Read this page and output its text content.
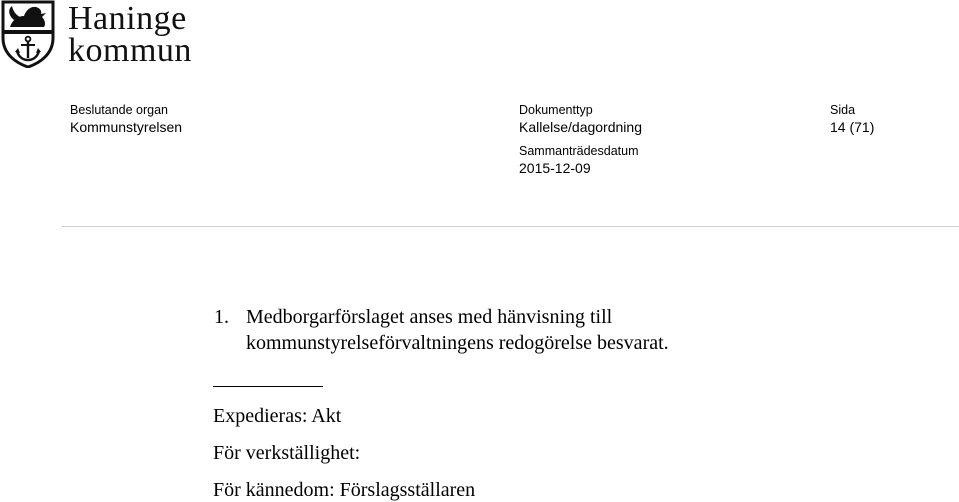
Haninge
kommun
Beslutande organ
Kommunstyrelsen
Dokumenttyp
Kallelse/dagordning
Sida
14 (71)
Sammanträdesdatum
2015-12-09
1. Medborgarförslaget anses med hänvisning till
kommunstyrelseförvaltningens redogörelse besvarat.
Expedieras: Akt
För verkställighet:
För kännedom: Förslagsställaren
